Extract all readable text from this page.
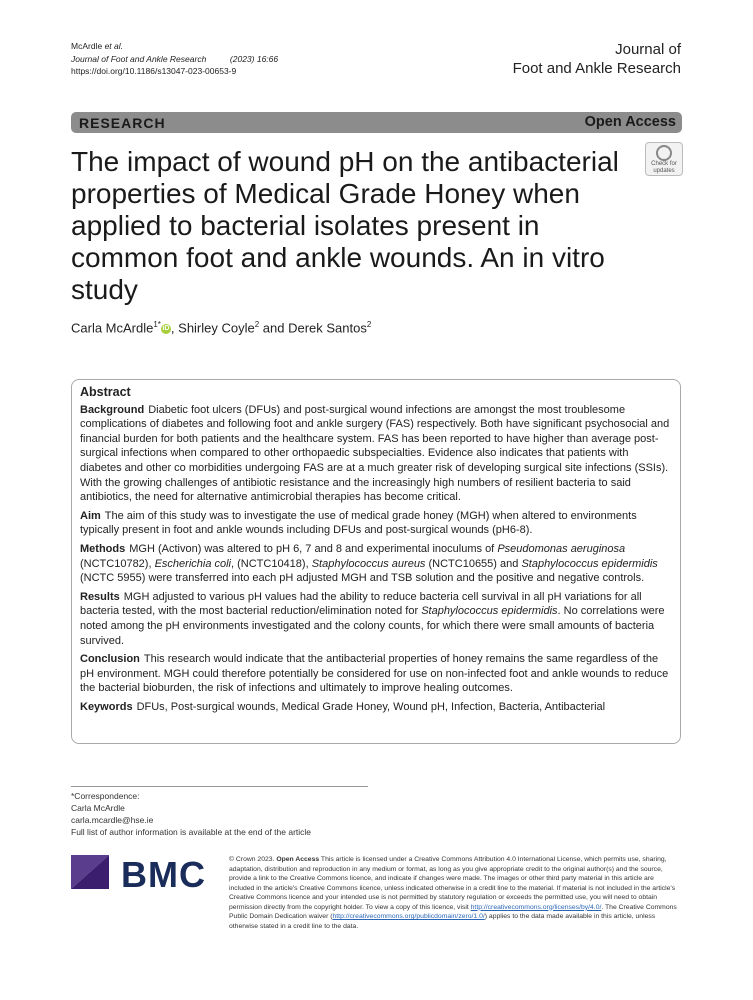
McArdle et al.
Journal of Foot and Ankle Research	(2023) 16:66
https://doi.org/10.1186/s13047-023-00653-9
Journal of
Foot and Ankle Research
RESEARCH	Open Access
The impact of wound pH on the antibacterial properties of Medical Grade Honey when applied to bacterial isolates present in common foot and ankle wounds. An in vitro study
Check for
updates
Carla McArdle$^{1*}$ iD , Shirley Coyle$^2$ and Derek Santos$^2$
Abstract

Background Diabetic foot ulcers (DFUs) and post-surgical wound infections are amongst the most troublesome complications of diabetes and following foot and ankle surgery (FAS) respectively. Both have significant psychosocial and financial burden for both patients and the healthcare system. FAS has been reported to have higher than average post-surgical infections when compared to other orthopaedic subspecialties. Evidence also indicates that patients with diabetes and other co morbidities undergoing FAS are at a much greater risk of developing surgical site infections (SSIs). With the growing challenges of antibiotic resistance and the increasingly high numbers of resilient bacteria to said antibiotics, the need for alternative antimicrobial therapies has become critical.

Aim The aim of this study was to investigate the use of medical grade honey (MGH) when altered to environments typically present in foot and ankle wounds including DFUs and post-surgical wounds (pH6-8).

Methods MGH (Activon) was altered to pH 6, 7 and 8 and experimental inoculums of Pseudomonas aeruginosa (NCTC10782), Escherichia coli, (NCTC10418), Staphylococcus aureus (NCTC10655) and Staphylococcus epidermidis (NCTC 5955) were transferred into each pH adjusted MGH and TSB solution and the positive and negative controls.

Results MGH adjusted to various pH values had the ability to reduce bacteria cell survival in all pH variations for all bacteria tested, with the most bacterial reduction/elimination noted for Staphylococcus epidermidis. No correlations were noted among the pH environments investigated and the colony counts, for which there were small amounts of bacteria survived.

Conclusion This research would indicate that the antibacterial properties of honey remains the same regardless of the pH environment. MGH could therefore potentially be considered for use on non-infected foot and ankle wounds to reduce the bacterial bioburden, the risk of infections and ultimately to improve healing outcomes.

Keywords DFUs, Post-surgical wounds, Medical Grade Honey, Wound pH, Infection, Bacteria, Antibacterial

*Correspondence:
Carla McArdle
carla.mcardle@hse.ie
Full list of author information is available at the end of the article
BMC	© Crown 2023. Open Access This article is licensed under a Creative Commons Attribution 4.0 International License, which permits use, sharing, adaptation, distribution and reproduction in any medium or format, as long as you give appropriate credit to the original author(s) and the source, provide a link to the Creative Commons licence, and indicate if changes were made. The images or other third party material in this article are included in the article's Creative Commons licence, unless indicated otherwise in a credit line to the material. If material is not included in the article's Creative Commons licence and your intended use is not permitted by statutory regulation or exceeds the permitted use, you will need to obtain permission directly from the copyright holder. To view a copy of this licence, visit http://creativecommons.org/licenses/by/4.0/. The Creative Commons Public Domain Dedication waiver (http://creativecommons.org/publicdomain/zero/1.0/) applies to the data made available in this article, unless otherwise stated in a credit line to the data.
